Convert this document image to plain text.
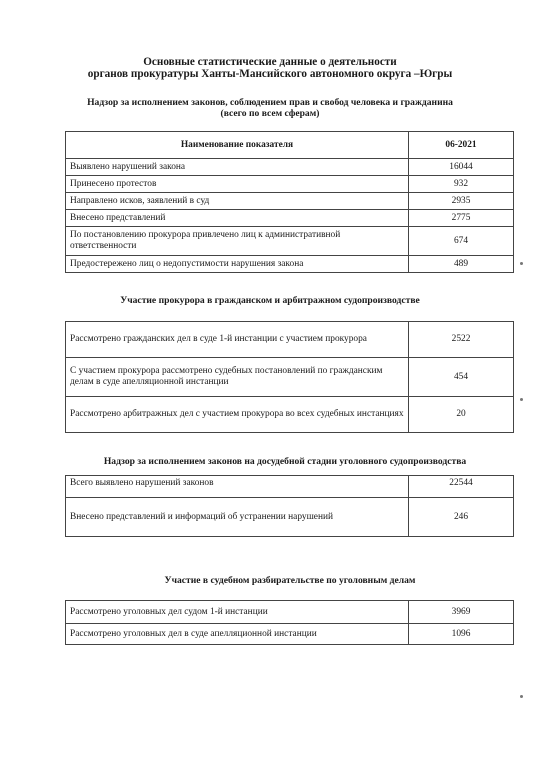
Основные статистические данные о деятельности
органов прокуратуры Ханты-Мансийского автономного округа –Югры
Надзор за исполнением законов, соблюдением прав и свобод человека и гражданина
(всего по всем сферам)
Наименование показателя	06-2021
Выявлено нарушений закона	16044
Принесено протестов	932
Направлено исков, заявлений в суд	2935
Внесено представлений	2775
По постановлению прокурора привлечено лиц к административной ответственности	674
Предостережено лиц о недопустимости нарушения закона	489
Участие прокурора в гражданском и арбитражном судопроизводстве
Рассмотрено гражданских дел в суде 1-й инстанции с участием прокурора	2522
С участием прокурора рассмотрено судебных постановлений по гражданским делам в суде апелляционной инстанции	454
Рассмотрено арбитражных дел с участием прокурора во всех судебных инстанциях	20
Надзор за исполнением законов на досудебной стадии уголовного судопроизводства
Всего выявлено нарушений законов	22544
Внесено представлений и информаций об устранении нарушений	246
Участие в судебном разбирательстве по уголовным делам
Рассмотрено уголовных дел судом 1-й инстанции	3969
Рассмотрено уголовных дел в суде апелляционной инстанции	1096
